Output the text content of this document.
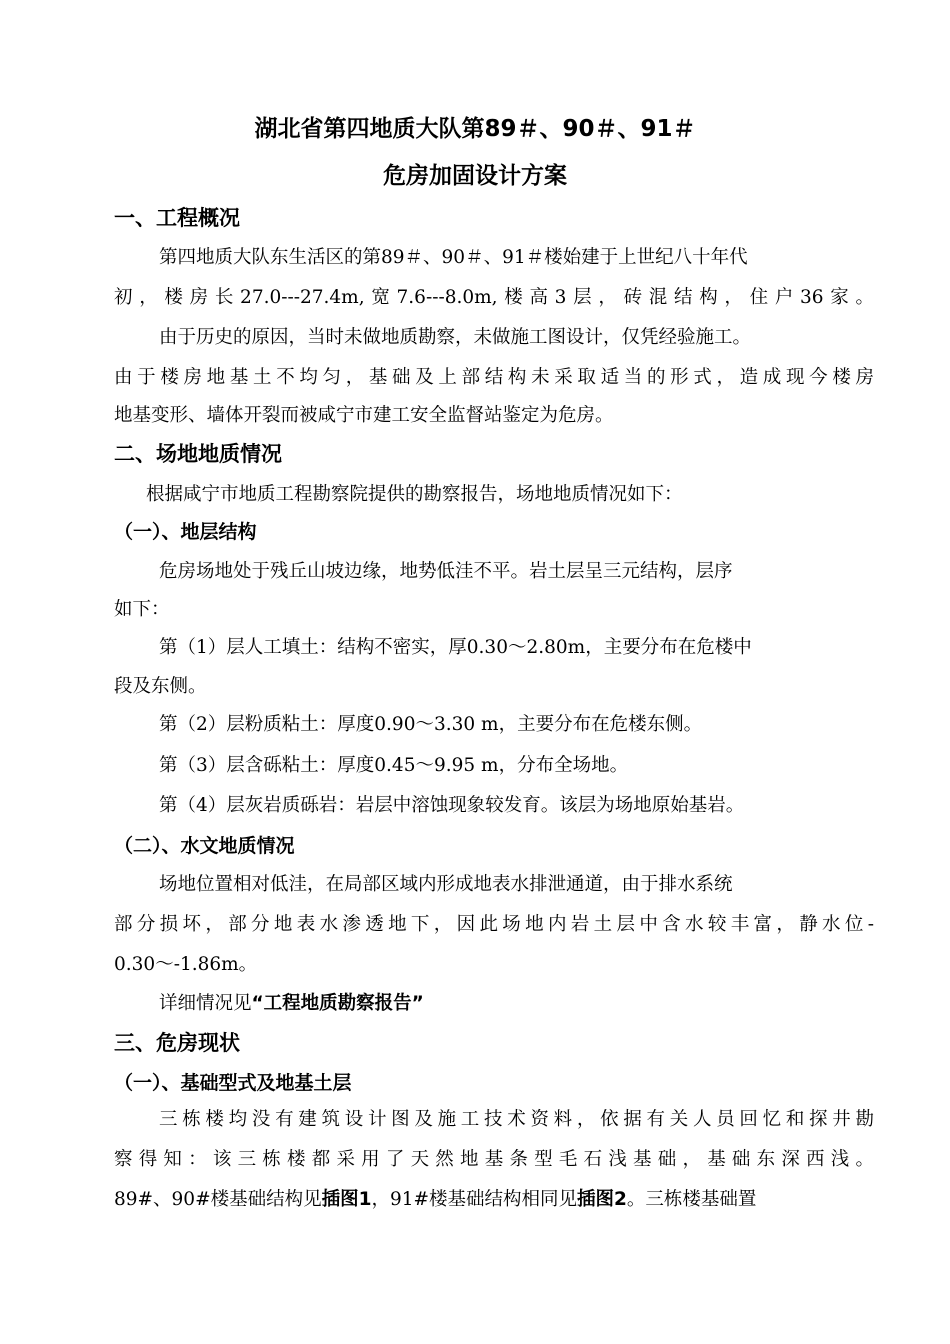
湖北省第四地质大队第89＃、90＃、91＃
危房加固设计方案
一、工程概况
第四地质大队东生活区的第89＃、90＃、91＃楼始建于上世纪八十年代
初，楼房长27.0---27.4m,宽7.6---8.0m,楼高3层，砖混结构，住户36家。
由于历史的原因，当时未做地质勘察，未做施工图设计，仅凭经验施工。
由于楼房地基土不均匀，基础及上部结构未采取适当的形式，造成现今楼房
地基变形、墙体开裂而被咸宁市建工安全监督站鉴定为危房。
二、场地地质情况
根据咸宁市地质工程勘察院提供的勘察报告，场地地质情况如下：
（一）、地层结构
危房场地处于残丘山坡边缘，地势低洼不平。岩土层呈三元结构，层序
如下：
第（1）层人工填土：结构不密实，厚0.30～2.80m，主要分布在危楼中
段及东侧。
第（2）层粉质粘土：厚度0.90～3.30 m，主要分布在危楼东侧。
第（3）层含砾粘土：厚度0.45～9.95 m，分布全场地。
第（4）层灰岩质砾岩：岩层中溶蚀现象较发育。该层为场地原始基岩。
（二）、水文地质情况
场地位置相对低洼，在局部区域内形成地表水排泄通道，由于排水系统
部分损坏，部分地表水渗透地下，因此场地内岩土层中含水较丰富，静水位-
0.30～-1.86m。
详细情况见“工程地质勘察报告”
三、危房现状
（一）、基础型式及地基土层
三栋楼均没有建筑设计图及施工技术资料，依据有关人员回忆和探井勘
察得知：该三栋楼都采用了天然地基条型毛石浅基础，基础东深西浅。
89#、90#楼基础结构见插图1，91#楼基础结构相同见插图2。三栋楼基础置
